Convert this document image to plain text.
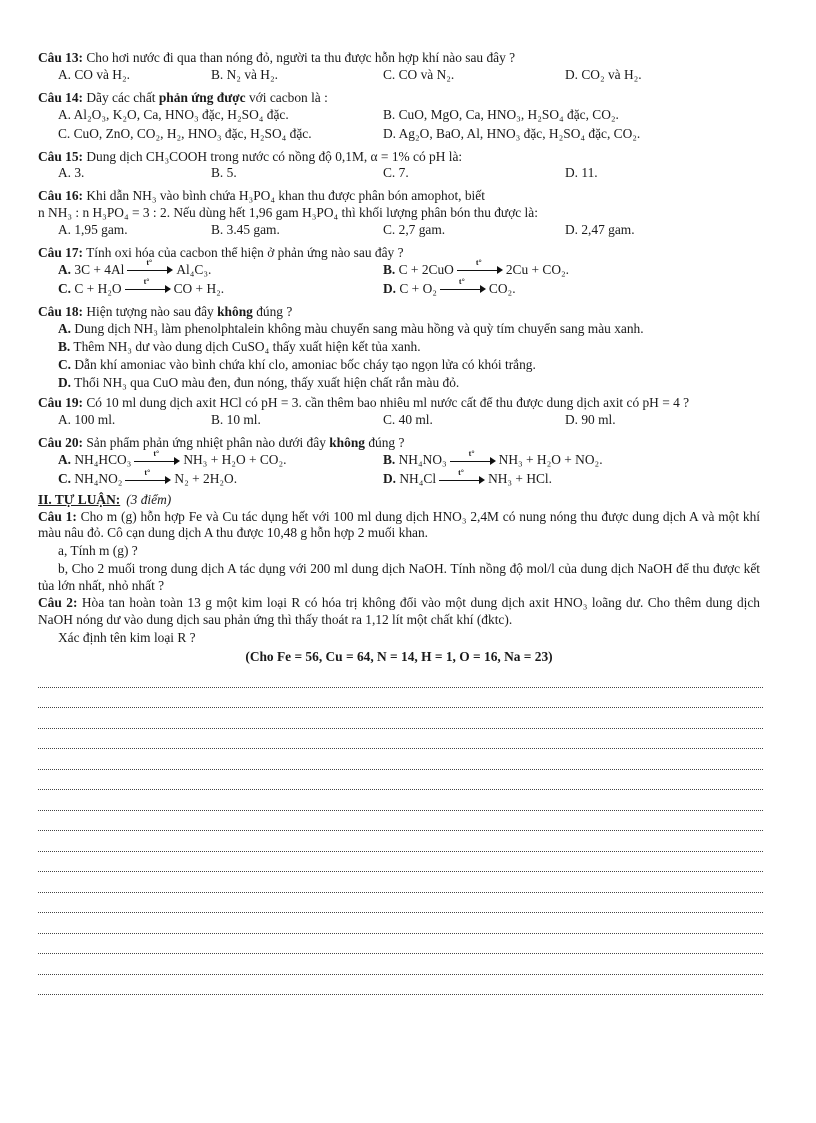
Câu 13: Cho hơi nước đi qua than nóng đỏ, người ta thu được hỗn hợp khí nào sau đây ?
A. CO và H₂.	B. N₂ và H₂.	C. CO và N₂.	D. CO₂ và H₂.
Câu 14: Dãy các chất phản ứng được với cacbon là :
A. Al₂O₃, K₂O, Ca, HNO₃ đặc, H₂SO₄ đặc.	B. CuO, MgO, Ca, HNO₃, H₂SO₄ đặc, CO₂.
C. CuO, ZnO, CO₂, H₂, HNO₃ đặc, H₂SO₄ đặc.	D. Ag₂O, BaO, Al, HNO₃ đặc, H₂SO₄ đặc, CO₂.
Câu 15: Dung dịch CH₃COOH trong nước có nồng độ 0,1M, α = 1% có pH là:
A. 3.	B. 5.	C. 7.	D. 11.
Câu 16: Khi dẫn NH₃ vào bình chứa H₃PO₄ khan thu được phân bón amophot, biết
n NH₃ : n H₃PO₄ = 3 : 2. Nếu dùng hết 1,96 gam H₃PO₄ thì khối lượng phân bón thu được là:
A. 1,95 gam.	B. 3.45 gam.	C. 2,7 gam.	D. 2,47 gam.
Câu 17: Tính oxi hóa của cacbon thể hiện ở phản ứng nào sau đây ?
A. 3C + 4Al	t° Al₄C₃.	B. C + 2CuO	t° 2Cu + CO₂.
C. C + H₂O	t° CO + H₂.	D. C + O₂	t° CO₂.
Câu 18: Hiện tượng nào sau đây không đúng ?
A. Dung dịch NH₃ làm phenolphtalein không màu chuyển sang màu hồng và quỳ tím chuyển sang màu xanh.
B. Thêm NH₃ dư vào dung dịch CuSO₄ thấy xuất hiện kết tủa xanh.
C. Dẫn khí amoniac vào bình chứa khí clo, amoniac bốc cháy tạo ngọn lửa có khói trắng.
D. Thổi NH₃ qua CuO màu đen, đun nóng, thấy xuất hiện chất rắn màu đỏ.
Câu 19: Có 10 ml dung dịch axit HCl có pH = 3. cần thêm bao nhiêu ml nước cất để thu được dung dịch axit có pH = 4 ?
A. 100 ml.	B. 10 ml.	C. 40 ml.	D. 90 ml.
Câu 20: Sản phẩm phản ứng nhiệt phân nào dưới đây không đúng ?
A. NH₄HCO₃	t° NH₃ + H₂O + CO₂.	B. NH₄NO₃	t° NH₃ + H₂O + NO₂.
C. NH₄NO₂	t° N₂ + 2H₂O.	D. NH₄Cl	t° NH₃ + HCl.
II. TỰ LUẬN: (3 điểm)
Câu 1: Cho m (g) hỗn hợp Fe và Cu tác dụng hết với 100 ml dung dịch HNO₃ 2,4M có nung nóng thu được dung dịch A và một khí màu nâu đỏ. Cô cạn dung dịch A thu được 10,48 g hỗn hợp 2 muối khan.
a, Tính m (g) ?
b, Cho 2 muối trong dung dịch A tác dụng với 200 ml dung dịch NaOH. Tính nồng độ mol/l của dung dịch NaOH để thu được kết tủa lớn nhất, nhỏ nhất ?
Câu 2: Hòa tan hoàn toàn 13 g một kim loại R có hóa trị không đổi vào một dung dịch axit HNO₃ loãng dư. Cho thêm dung dịch NaOH nóng dư vào dung dịch sau phản ứng thì thấy thoát ra 1,12 lít một chất khí (đktc).
Xác định tên kim loại R ?
(Cho Fe = 56, Cu = 64, N = 14, H = 1, O = 16, Na = 23)
